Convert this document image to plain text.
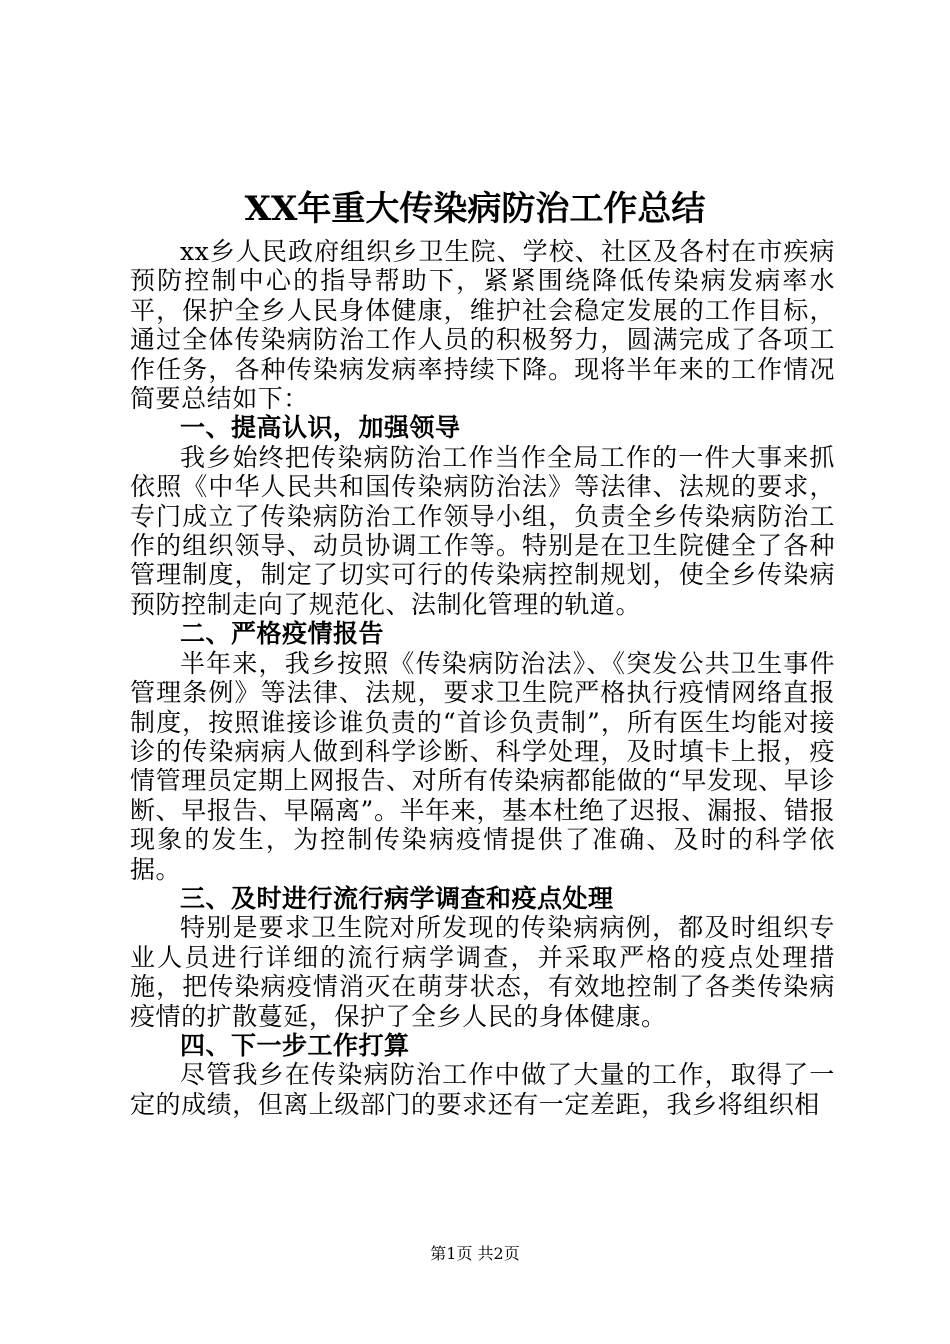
XX年重大传染病防治工作总结

xx乡人民政府组织乡卫生院、学校、社区及各村在市疾病预防控制中心的指导帮助下，紧紧围绕降低传染病发病率水平，保护全乡人民身体健康，维护社会稳定发展的工作目标，通过全体传染病防治工作人员的积极努力，圆满完成了各项工作任务，各种传染病发病率持续下降。现将半年来的工作情况简要总结如下：

一、提高认识，加强领导

我乡始终把传染病防治工作当作全局工作的一件大事来抓依照《中华人民共和国传染病防治法》等法律、法规的要求，专门成立了传染病防治工作领导小组，负责全乡传染病防治工作的组织领导、动员协调工作等。特别是在卫生院健全了各种管理制度，制定了切实可行的传染病控制规划，使全乡传染病预防控制走向了规范化、法制化管理的轨道。

二、严格疫情报告

半年来，我乡按照《传染病防治法》、《突发公共卫生事件管理条例》等法律、法规，要求卫生院严格执行疫情网络直报制度，按照谁接诊谁负责的“首诊负责制”，所有医生均能对接诊的传染病病人做到科学诊断、科学处理，及时填卡上报，疫情管理员定期上网报告、对所有传染病都能做的“早发现、早诊断、早报告、早隔离”。半年来，基本杜绝了迟报、漏报、错报现象的发生，为控制传染病疫情提供了准确、及时的科学依据。

三、及时进行流行病学调查和疫点处理

特别是要求卫生院对所发现的传染病病例，都及时组织专业人员进行详细的流行病学调查，并采取严格的疫点处理措施，把传染病疫情消灭在萌芽状态，有效地控制了各类传染病疫情的扩散蔓延，保护了全乡人民的身体健康。

四、下一步工作打算

尽管我乡在传染病防治工作中做了大量的工作，取得了一定的成绩，但离上级部门的要求还有一定差距，我乡将组织相

第1页 共2页
